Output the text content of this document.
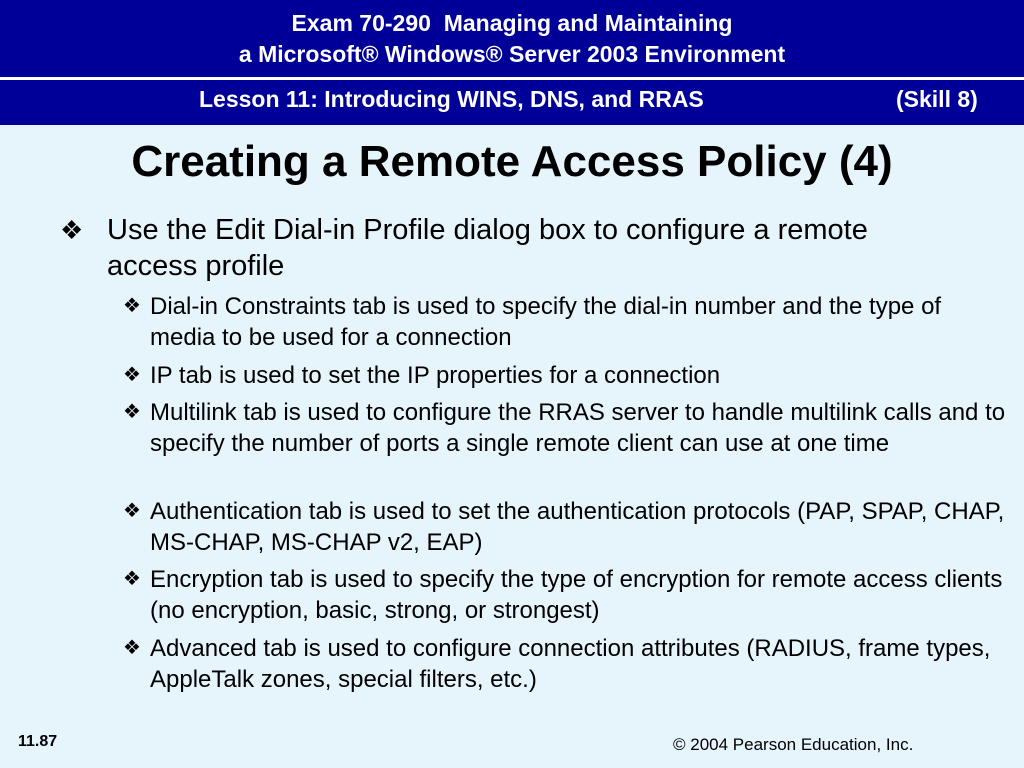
Exam 70-290  Managing and Maintaining
a Microsoft® Windows® Server 2003 Environment
Lesson 11: Introducing WINS, DNS, and RRAS	(Skill 8)
Creating a Remote Access Policy (4)
❖ Use the Edit Dial-in Profile dialog box to configure a remote access profile
❖ Dial-in Constraints tab is used to specify the dial-in number and the type of media to be used for a connection
❖ IP tab is used to set the IP properties for a connection
❖ Multilink tab is used to configure the RRAS server to handle multilink calls and to specify the number of ports a single remote client can use at one time
❖ Authentication tab is used to set the authentication protocols (PAP, SPAP, CHAP, MS-CHAP, MS-CHAP v2, EAP)
❖ Encryption tab is used to specify the type of encryption for remote access clients (no encryption, basic, strong, or strongest)
❖ Advanced tab is used to configure connection attributes (RADIUS, frame types, AppleTalk zones, special filters, etc.)
11.87	© 2004 Pearson Education, Inc.
